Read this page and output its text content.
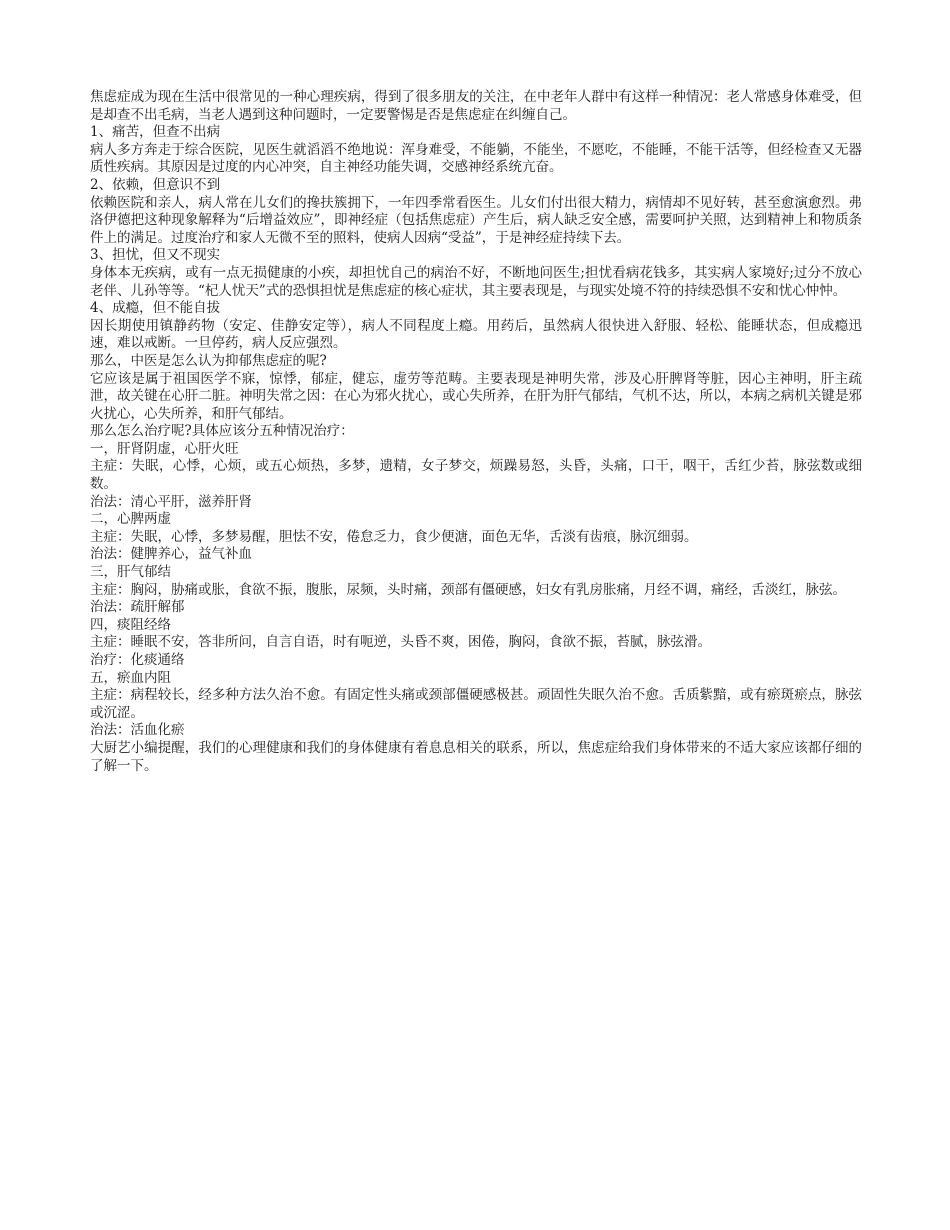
焦虑症成为现在生活中很常见的一种心理疾病，得到了很多朋友的关注，在中老年人群中有这样一种情况：老人常感身体难受，但是却查不出毛病，当老人遇到这种问题时，一定要警惕是否是焦虑症在纠缠自己。

1、痛苦，但查不出病

病人多方奔走于综合医院，见医生就滔滔不绝地说：浑身难受，不能躺，不能坐，不愿吃，不能睡，不能干活等，但经检查又无器质性疾病。其原因是过度的内心冲突，自主神经功能失调，交感神经系统亢奋。

2、依赖，但意识不到

依赖医院和亲人，病人常在儿女们的搀扶簇拥下，一年四季常看医生。儿女们付出很大精力，病情却不见好转，甚至愈演愈烈。弗洛伊德把这种现象解释为“后增益效应”，即神经症（包括焦虑症）产生后，病人缺乏安全感，需要呵护关照，达到精神上和物质条件上的满足。过度治疗和家人无微不至的照料，使病人因病“受益”，于是神经症持续下去。

3、担忧，但又不现实

身体本无疾病，或有一点无损健康的小疾，却担忧自己的病治不好，不断地问医生;担忧看病花钱多，其实病人家境好;过分不放心老伴、儿孙等等。“杞人忧天”式的恐惧担忧是焦虑症的核心症状，其主要表现是，与现实处境不符的持续恐惧不安和忧心忡忡。

4、成瘾，但不能自拔

因长期使用镇静药物（安定、佳静安定等），病人不同程度上瘾。用药后，虽然病人很快进入舒服、轻松、能睡状态，但成瘾迅速，难以戒断。一旦停药，病人反应强烈。

那么，中医是怎么认为抑郁焦虑症的呢?

它应该是属于祖国医学不寐，惊悸，郁症，健忘，虚劳等范畴。主要表现是神明失常，涉及心肝脾肾等脏，因心主神明，肝主疏泄，故关键在心肝二脏。神明失常之因：在心为邪火扰心，或心失所养，在肝为肝气郁结，气机不达，所以，本病之病机关键是邪火扰心，心失所养，和肝气郁结。

那么怎么治疗呢?具体应该分五种情况治疗：

一，肝肾阴虚，心肝火旺

主症：失眠，心悸，心烦，或五心烦热，多梦，遗精，女子梦交，烦躁易怒，头昏，头痛，口干，咽干，舌红少苔，脉弦数或细数。

治法：清心平肝，滋养肝肾

二，心脾两虚

主症：失眠，心悸，多梦易醒，胆怯不安，倦怠乏力，食少便溏，面色无华，舌淡有齿痕，脉沉细弱。

治法：健脾养心，益气补血

三，肝气郁结

主症：胸闷，胁痛或胀，食欲不振，腹胀，尿频，头时痛，颈部有僵硬感，妇女有乳房胀痛，月经不调，痛经，舌淡红，脉弦。

治法：疏肝解郁

四，痰阻经络

主症：睡眠不安，答非所问，自言自语，时有呃逆，头昏不爽，困倦，胸闷，食欲不振，苔腻，脉弦滑。

治疗：化痰通络

五，瘀血内阻

主症：病程较长，经多种方法久治不愈。有固定性头痛或颈部僵硬感极甚。顽固性失眠久治不愈。舌质紫黯，或有瘀斑瘀点，脉弦或沉涩。

治法：活血化瘀

大厨艺小编提醒，我们的心理健康和我们的身体健康有着息息相关的联系，所以，焦虑症给我们身体带来的不适大家应该都仔细的了解一下。
